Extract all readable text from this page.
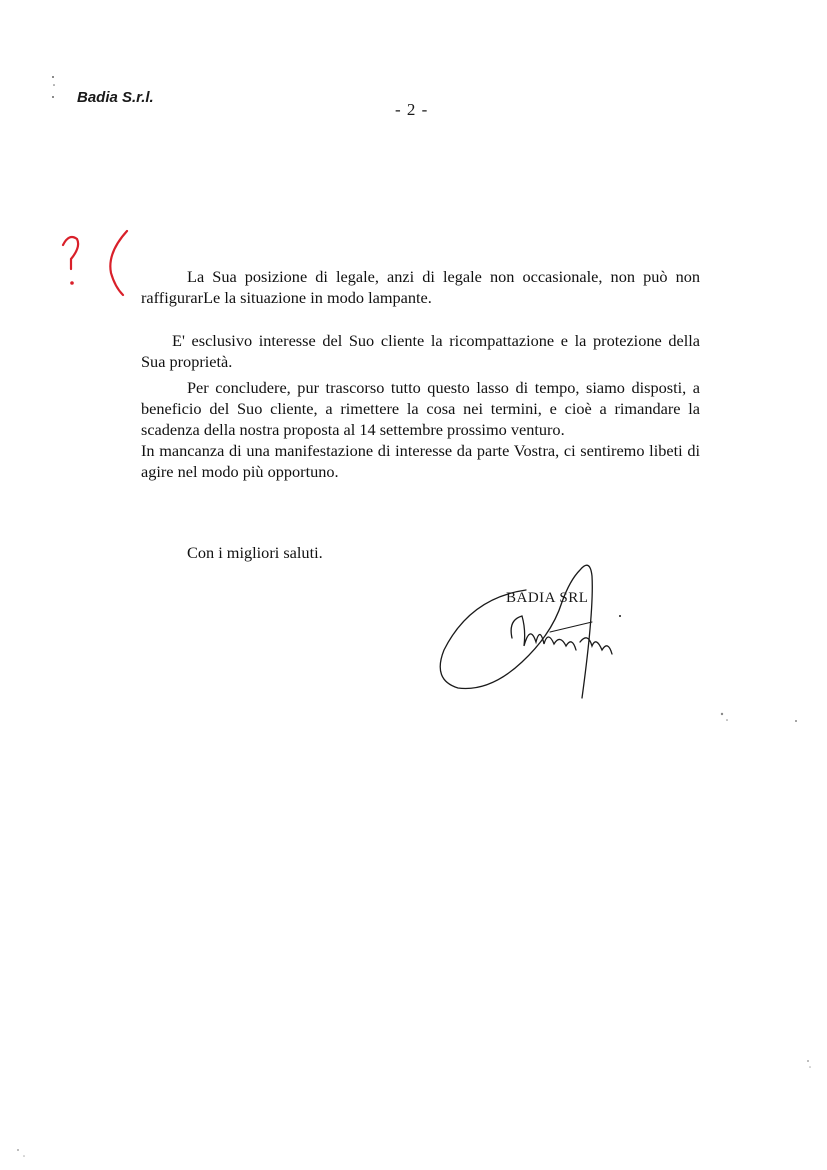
Badia S.r.l.
- 2 -

La Sua posizione di legale, anzi di legale non occasionale, non può non raffigurarLe la situazione in modo lampante.

E' esclusivo interesse del Suo cliente la ricompattazione e la protezione della Sua proprietà.

Per concludere, pur trascorso tutto questo lasso di tempo, siamo disposti, a beneficio del Suo cliente, a rimettere la cosa nei termini, e cioè a rimandare la scadenza della nostra proposta al 14 settembre prossimo venturo.
In mancanza di una manifestazione di interesse da parte Vostra, ci sentiremo libeti di agire nel modo più opportuno.

Con i migliori saluti.

BADIA SRL
